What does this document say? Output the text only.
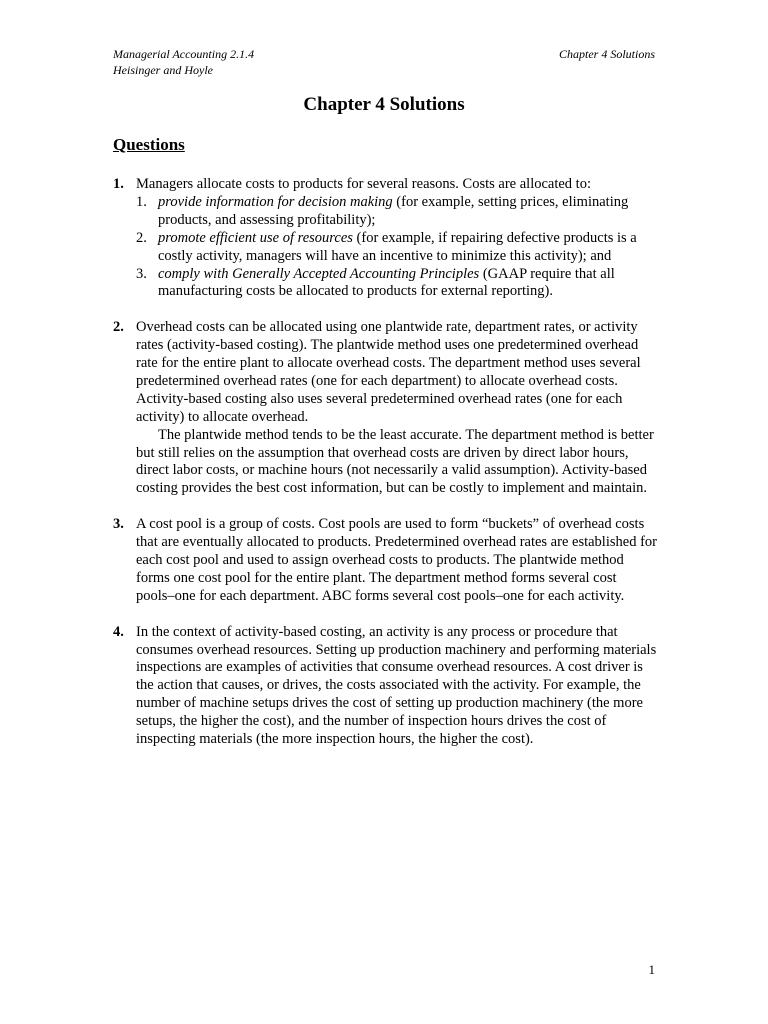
Managerial Accounting 2.1.4
Heisinger and Hoyle
Chapter 4 Solutions
Chapter 4 Solutions
Questions
1. Managers allocate costs to products for several reasons. Costs are allocated to:
1. provide information for decision making (for example, setting prices, eliminating products, and assessing profitability);
2. promote efficient use of resources (for example, if repairing defective products is a costly activity, managers will have an incentive to minimize this activity); and
3. comply with Generally Accepted Accounting Principles (GAAP require that all manufacturing costs be allocated to products for external reporting).
2. Overhead costs can be allocated using one plantwide rate, department rates, or activity rates (activity-based costing). The plantwide method uses one predetermined overhead rate for the entire plant to allocate overhead costs. The department method uses several predetermined overhead rates (one for each department) to allocate overhead costs. Activity-based costing also uses several predetermined overhead rates (one for each activity) to allocate overhead.
The plantwide method tends to be the least accurate. The department method is better but still relies on the assumption that overhead costs are driven by direct labor hours, direct labor costs, or machine hours (not necessarily a valid assumption). Activity-based costing provides the best cost information, but can be costly to implement and maintain.
3. A cost pool is a group of costs. Cost pools are used to form “buckets” of overhead costs that are eventually allocated to products. Predetermined overhead rates are established for each cost pool and used to assign overhead costs to products. The plantwide method forms one cost pool for the entire plant. The department method forms several cost pools–one for each department. ABC forms several cost pools–one for each activity.
4. In the context of activity-based costing, an activity is any process or procedure that consumes overhead resources. Setting up production machinery and performing materials inspections are examples of activities that consume overhead resources. A cost driver is the action that causes, or drives, the costs associated with the activity. For example, the number of machine setups drives the cost of setting up production machinery (the more setups, the higher the cost), and the number of inspection hours drives the cost of inspecting materials (the more inspection hours, the higher the cost).
1
